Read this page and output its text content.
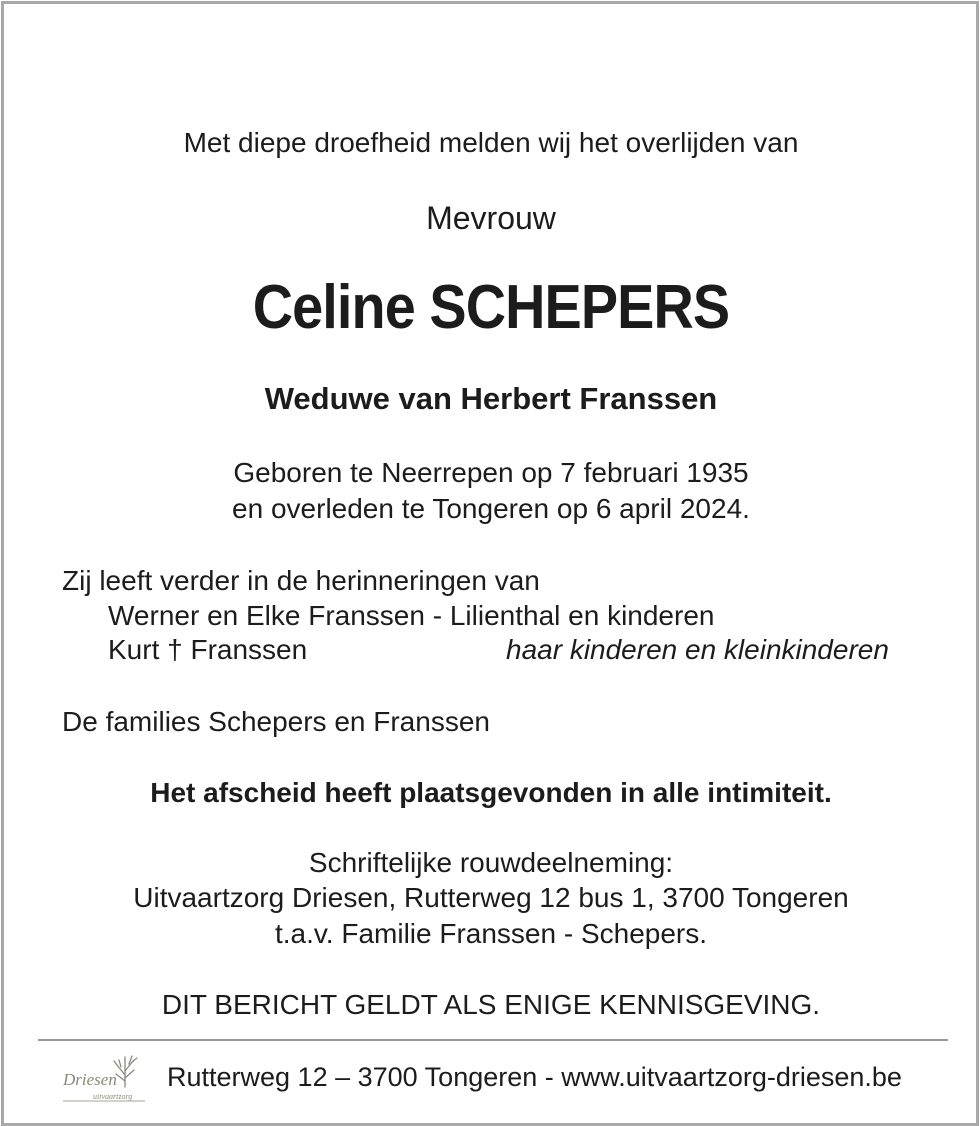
Met diepe droefheid melden wij het overlijden van
Mevrouw
Celine SCHEPERS
Weduwe van Herbert Franssen
Geboren te Neerrepen op 7 februari 1935
en overleden te Tongeren op 6 april 2024.
Zij leeft verder in de herinneringen van
Werner en Elke Franssen - Lilienthal en kinderen
Kurt † Franssen	haar kinderen en kleinkinderen
De families Schepers en Franssen
Het afscheid heeft plaatsgevonden in alle intimiteit.
Schriftelijke rouwdeelneming:
Uitvaartzorg Driesen, Rutterweg 12 bus 1, 3700 Tongeren
t.a.v. Familie Franssen - Schepers.
DIT BERICHT GELDT ALS ENIGE KENNISGEVING.
Driesen
uitvaartzorg
Rutterweg 12 – 3700 Tongeren - www.uitvaartzorg-driesen.be
